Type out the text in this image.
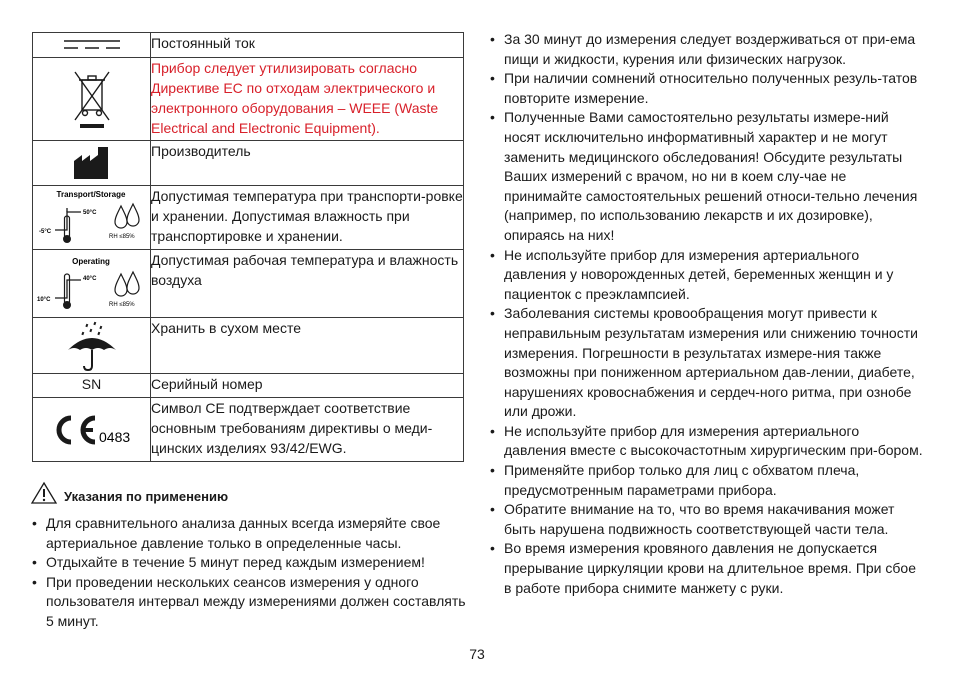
	Постоянный ток

	Прибор следует утилизировать согласно Директиве ЕС по отходам электрического и электронного оборудования – WEEE (Waste Electrical and Electronic Equipment).

	Производитель

Transport/Storage
50°C
-5°C
RH ≤85%	Допустимая температура при транспорти-ровке и хранении. Допустимая влажность при транспортировке и хранении.

Operating
40°C
10°C
RH ≤85%	Допустимая рабочая температура и влажность воздуха

	Хранить в сухом месте
SN	Серийный номер

0483	Символ CE подтверждает соответствие основным требованиям директивы о меди-цинских изделиях 93/42/EWG.
Указания по применению
• Для сравнительного анализа данных всегда измеряйте свое артериальное давление только в определенные часы.
• Отдыхайте в течение 5 минут перед каждым измерением!
• При проведении нескольких сеансов измерения у одного пользователя интервал между измерениями должен составлять 5 минут.
• За 30 минут до измерения следует воздерживаться от при-ема пищи и жидкости, курения или физических нагрузок.
• При наличии сомнений относительно полученных резуль-татов повторите измерение.
• Полученные Вами самостоятельно результаты измере-ний носят исключительно информативный характер и не могут заменить медицинского обследования! Обсудите результаты Ваших измерений с врачом, но ни в коем слу-чае не принимайте самостоятельных решений относи-тельно лечения (например, по использованию лекарств и их дозировке), опираясь на них!
• Не используйте прибор для измерения артериального давления у новорожденных детей, беременных женщин и у пациенток с преэклампсией.
• Заболевания системы кровообращения могут привести к неправильным результатам измерения или снижению точности измерения. Погрешности в результатах измере-ния также возможны при пониженном артериальном дав-лении, диабете, нарушениях кровоснабжения и сердеч-ного ритма, при ознобе или дрожи.
• Не используйте прибор для измерения артериального давления вместе с высокочастотным хирургическим при-бором.
• Применяйте прибор только для лиц с обхватом плеча, предусмотренным параметрами прибора.
• Обратите внимание на то, что во время накачивания может быть нарушена подвижность соответствующей части тела.
• Во время измерения кровяного давления не допускается прерывание циркуляции крови на длительное время. При сбое в работе прибора снимите манжету с руки.
73
